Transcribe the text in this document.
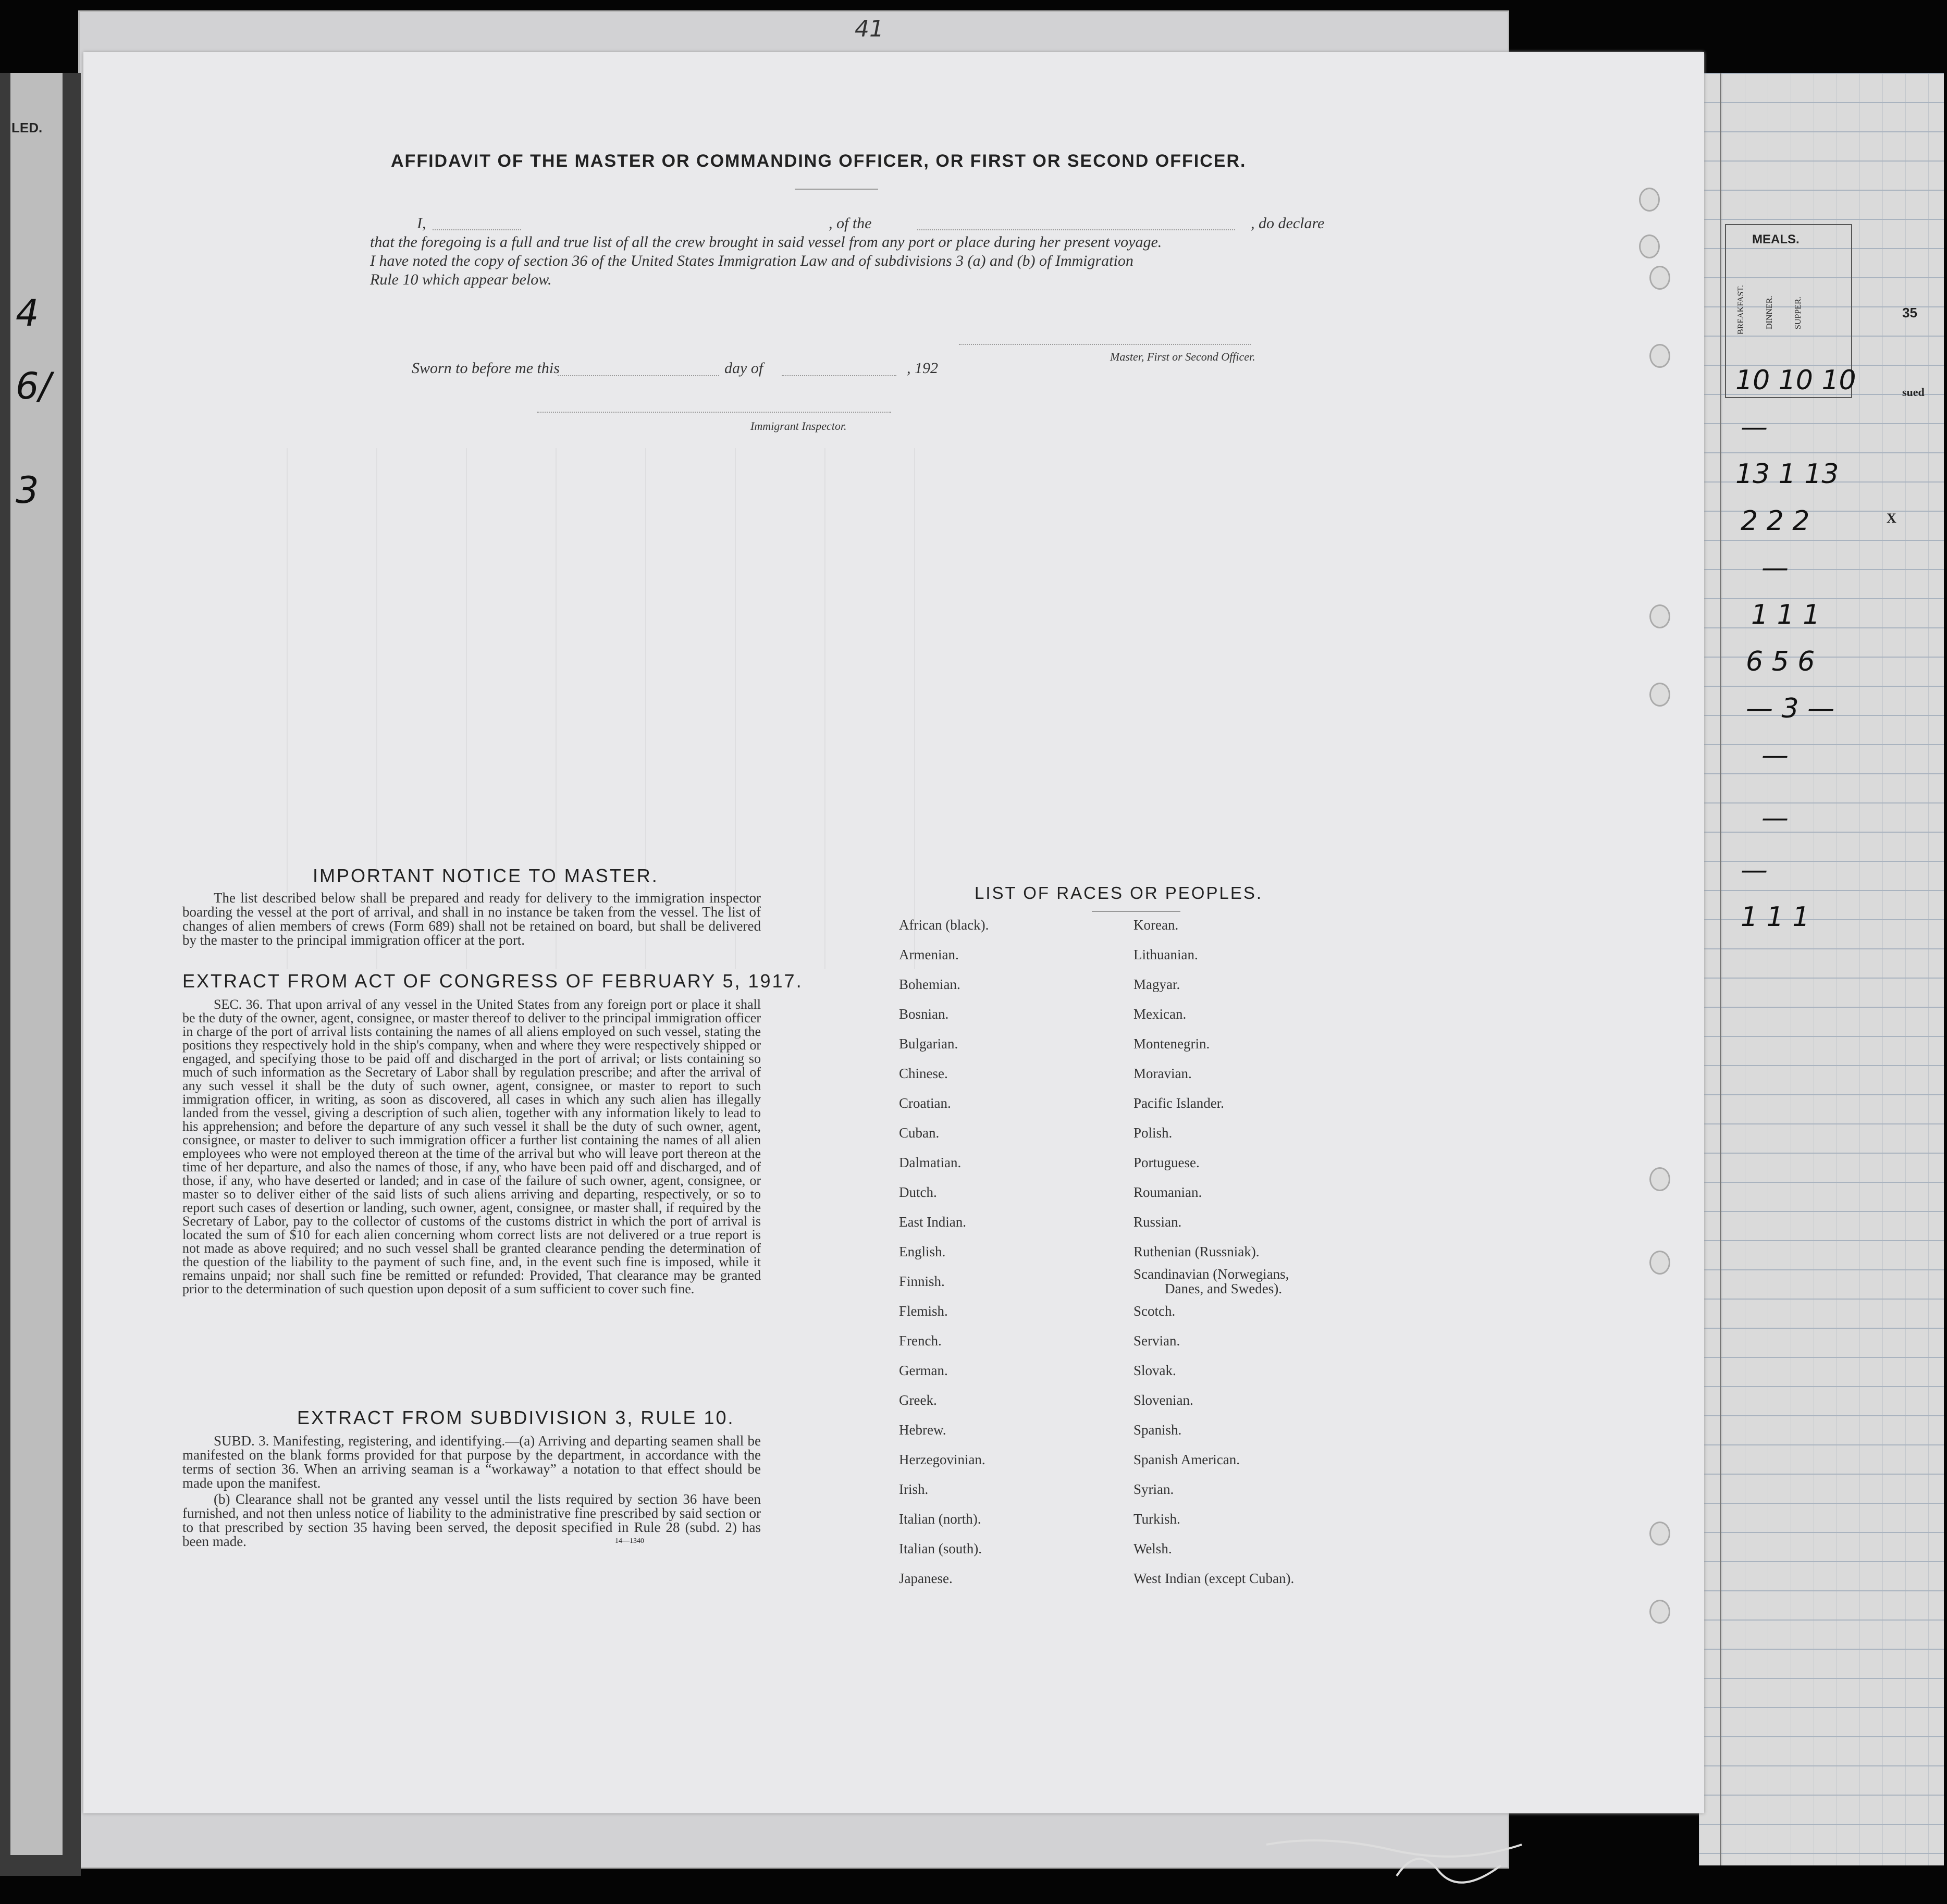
LED.
4
6/
3
41
MEALS.
BREAKFAST. DINNER. SUPPER.	35
sued
X
10 10 10
—
13 1 13
2 2 2
—
1 1 1
6 5 6
— 3 —
—
—
—
1 1 1
AFFIDAVIT OF THE MASTER OR COMMANDING OFFICER, OR FIRST OR SECOND OFFICER.
I,	, of the	, do declare
that the foregoing is a full and true list of all the crew brought in said vessel from any port or place during her present voyage.
I have noted the copy of section 36 of the United States Immigration Law and of subdivisions 3 (a) and (b) of Immigration
Rule 10 which appear below.
Master, First or Second Officer.
Sworn to before me this	day of	, 192
Immigrant Inspector.
IMPORTANT NOTICE TO MASTER.
The list described below shall be prepared and ready for delivery to the immigration inspector boarding the vessel at the port of arrival, and shall in no instance be taken from the vessel. The list of changes of alien members of crews (Form 689) shall not be retained on board, but shall be delivered by the master to the principal immigration officer at the port.
EXTRACT FROM ACT OF CONGRESS OF FEBRUARY 5, 1917.
SEC. 36. That upon arrival of any vessel in the United States from any foreign port or place it shall be the duty of the owner, agent, consignee, or master thereof to deliver to the principal immigration officer in charge of the port of arrival lists containing the names of all aliens employed on such vessel, stating the positions they respectively hold in the ship's company, when and where they were respectively shipped or engaged, and specifying those to be paid off and discharged in the port of arrival; or lists containing so much of such information as the Secretary of Labor shall by regulation prescribe; and after the arrival of any such vessel it shall be the duty of such owner, agent, consignee, or master to report to such immigration officer, in writing, as soon as discovered, all cases in which any such alien has illegally landed from the vessel, giving a description of such alien, together with any information likely to lead to his apprehension; and before the departure of any such vessel it shall be the duty of such owner, agent, consignee, or master to deliver to such immigration officer a further list containing the names of all alien employees who were not employed thereon at the time of the arrival but who will leave port thereon at the time of her departure, and also the names of those, if any, who have been paid off and discharged, and of those, if any, who have deserted or landed; and in case of the failure of such owner, agent, consignee, or master so to deliver either of the said lists of such aliens arriving and departing, respectively, or so to report such cases of desertion or landing, such owner, agent, consignee, or master shall, if required by the Secretary of Labor, pay to the collector of customs of the customs district in which the port of arrival is located the sum of $10 for each alien concerning whom correct lists are not delivered or a true report is not made as above required; and no such vessel shall be granted clearance pending the determination of the question of the liability to the payment of such fine, and, in the event such fine is imposed, while it remains unpaid; nor shall such fine be remitted or refunded: Provided, That clearance may be granted prior to the determination of such question upon deposit of a sum sufficient to cover such fine.
EXTRACT FROM SUBDIVISION 3, RULE 10.
SUBD. 3. Manifesting, registering, and identifying.—(a) Arriving and departing seamen shall be manifested on the blank forms provided for that purpose by the department, in accordance with the terms of section 36. When an arriving seaman is a “workaway” a notation to that effect should be made upon the manifest.
(b) Clearance shall not be granted any vessel until the lists required by section 36 have been furnished, and not then unless notice of liability to the administrative fine prescribed by said section or to that prescribed by section 35 having been served, the deposit specified in Rule 28 (subd. 2) has been made.	14—1340
LIST OF RACES OR PEOPLES.
African (black).
Armenian.
Bohemian.
Bosnian.
Bulgarian.
Chinese.
Croatian.
Cuban.
Dalmatian.
Dutch.
East Indian.
English.
Finnish.
Flemish.
French.
German.
Greek.
Hebrew.
Herzegovinian.
Irish.
Italian (north).
Italian (south).
Japanese.
Korean.
Lithuanian.
Magyar.
Mexican.
Montenegrin.
Moravian.
Pacific Islander.
Polish.
Portuguese.
Roumanian.
Russian.
Ruthenian (Russniak).
Scandinavian (Norwegians,
Danes, and Swedes).
Scotch.
Servian.
Slovak.
Slovenian.
Spanish.
Spanish American.
Syrian.
Turkish.
Welsh.
West Indian (except Cuban).
